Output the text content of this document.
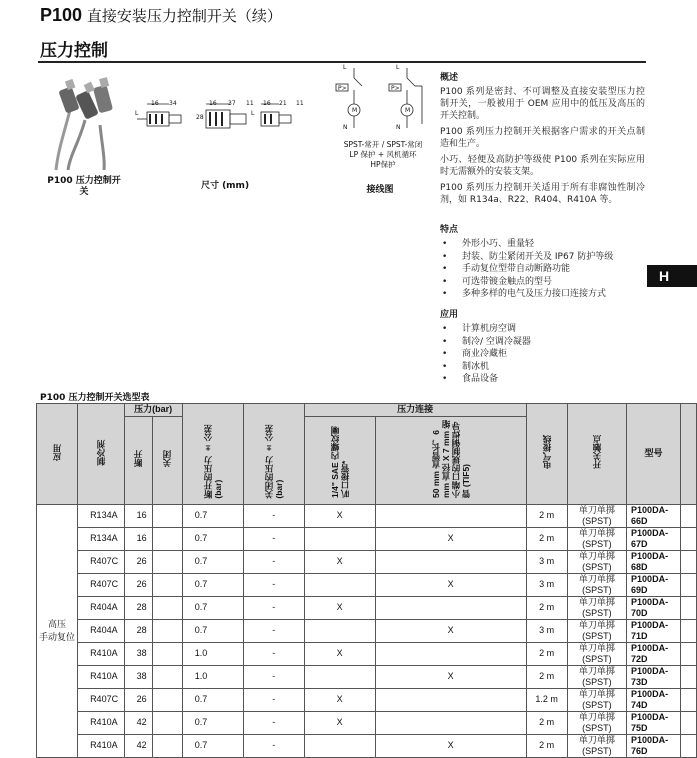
P100 直接安装压力控制开关（续）
压力控制
P100 压力控制开关
16 34	16 37 11 16 21 11
28
L	L
尺寸 (mm)
L
P>
M
N
L
P>
M
N
SPST-常开 / SPST-常闭
LP 保护 + 风机循环
HP保护
接线图
H
概述

P100 系列是密封、不可调整及直接安装型压力控制开关，一般被用于 OEM 应用中的低压及高压的开关控制。

P100 系列压力控制开关根据客户需求的开关点制造和生产。

小巧、轻便及高防护等级使 P100 系列在实际应用时无需额外的安装支架。

P100 系列压力控制开关适用于所有非腐蚀性制冷剂，如 R134a、R22、R404、R410A 等。

特点
• 外形小巧、重量轻
• 封装、防尘紧闭开关及 IP67 防护等级
• 手动复位型带自动断路功能
• 可选带镀金触点的型号
• 多种多样的电气及压力接口连接方式
应用
• 计算机房空调
• 制冷/ 空调冷凝器
• 商业冷藏柜
• 制冰机
• 食品设备
P100 压力控制开关选型表
应用	制冷剂	压力(bar)		断开的压力 ± 公差 (bar)	关闭的压力 ± 公差 (bar)	压力连接		电气接线	开关触点	型号	
		断开	关闭			1/4" SAE 内螺纹喇叭口接管*	50 mm 直管长，6 mm 直径 X 7 mm 缩小端口的规制铜焊导管 (TIF5)				

高压
手动复位	R134A	16		0.7	-	X		2 m	单刀单掷(SPST)	P100DA-66D	
	R134A	16		0.7	-		X	2 m	单刀单掷(SPST)	P100DA-67D	
	R407C	26		0.7	-	X		3 m	单刀单掷(SPST)	P100DA-68D	
	R407C	26		0.7	-		X	3 m	单刀单掷(SPST)	P100DA-69D	
	R404A	28		0.7	-	X		2 m	单刀单掷(SPST)	P100DA-70D	
	R404A	28		0.7	-		X	3 m	单刀单掷(SPST)	P100DA-71D	
	R410A	38		1.0	-	X		2 m	单刀单掷(SPST)	P100DA-72D	
	R410A	38		1.0	-		X	2 m	单刀单掷(SPST)	P100DA-73D	
	R407C	26		0.7	-	X		1.2 m	单刀单掷(SPST)	P100DA-74D	
	R410A	42		0.7	-	X		2 m	单刀单掷(SPST)	P100DA-75D	
	R410A	42		0.7	-		X	2 m	单刀单掷(SPST)	P100DA-76D	
